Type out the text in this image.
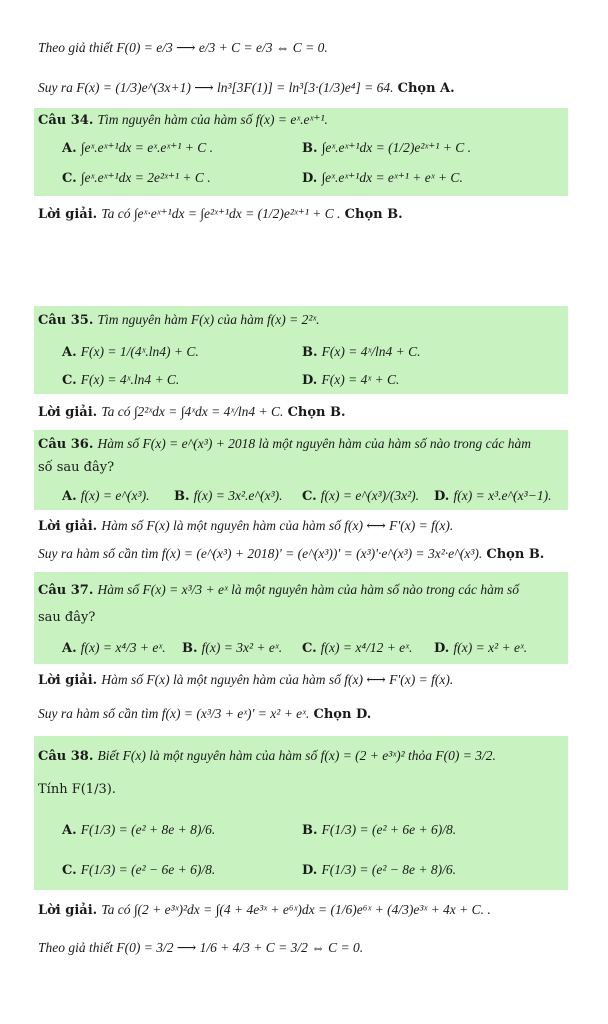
Theo giả thiết F(0) = e/3 ⟶ e/3 + C = e/3 ⇔ C = 0.
Suy ra F(x) = (1/3)e^(3x+1) ⟶ ln³[3F(1)] = ln³[3·(1/3)e⁴] = 64. Chọn A.
Câu 34. Tìm nguyên hàm của hàm số f(x) = eˣ.eˣ⁺¹.
A. ∫eˣ.eˣ⁺¹dx = eˣ.eˣ⁺¹ + C .	B. ∫eˣ.eˣ⁺¹dx = (1/2)e²ˣ⁺¹ + C .
C. ∫eˣ.eˣ⁺¹dx = 2e²ˣ⁺¹ + C .	D. ∫eˣ.eˣ⁺¹dx = eˣ⁺¹ + eˣ + C.
Lời giải. Ta có ∫eˣ·eˣ⁺¹dx = ∫e²ˣ⁺¹dx = (1/2)e²ˣ⁺¹ + C . Chọn B.
Câu 35. Tìm nguyên hàm F(x) của hàm f(x) = 2²ˣ.
A. F(x) = 1/(4ˣ.ln4) + C.	B. F(x) = 4ˣ/ln4 + C.
C. F(x) = 4ˣ.ln4 + C.	D. F(x) = 4ˣ + C.
Lời giải. Ta có ∫2²ˣdx = ∫4ˣdx = 4ˣ/ln4 + C. Chọn B.
Câu 36. Hàm số F(x) = e^(x³) + 2018 là một nguyên hàm của hàm số nào trong các hàm
số sau đây?
A. f(x) = e^(x³). B. f(x) = 3x².e^(x³). C. f(x) = e^(x³)/(3x²). D. f(x) = x³.e^(x³−1).
Lời giải. Hàm số F(x) là một nguyên hàm của hàm số f(x) ⟷ F'(x) = f(x).
Suy ra hàm số cần tìm f(x) = (e^(x³) + 2018)' = (e^(x³))' = (x³)'·e^(x³) = 3x²·e^(x³). Chọn B.
Câu 37. Hàm số F(x) = x³/3 + eˣ là một nguyên hàm của hàm số nào trong các hàm số
sau đây?
A. f(x) = x⁴/3 + eˣ. B. f(x) = 3x² + eˣ. C. f(x) = x⁴/12 + eˣ. D. f(x) = x² + eˣ.
Lời giải. Hàm số F(x) là một nguyên hàm của hàm số f(x) ⟷ F'(x) = f(x).
Suy ra hàm số cần tìm f(x) = (x³/3 + eˣ)' = x² + eˣ. Chọn D.
Câu 38. Biết F(x) là một nguyên hàm của hàm số f(x) = (2 + e³ˣ)² thỏa F(0) = 3/2.
Tính F(1/3).
A. F(1/3) = (e² + 8e + 8)/6.	B. F(1/3) = (e² + 6e + 6)/8.
C. F(1/3) = (e² − 6e + 6)/8.	D. F(1/3) = (e² − 8e + 8)/6.
Lời giải. Ta có ∫(2 + e³ˣ)²dx = ∫(4 + 4e³ˣ + e⁶ˣ)dx = (1/6)e⁶ˣ + (4/3)e³ˣ + 4x + C. .
Theo giả thiết F(0) = 3/2 ⟶ 1/6 + 4/3 + C = 3/2 ⇔ C = 0.
